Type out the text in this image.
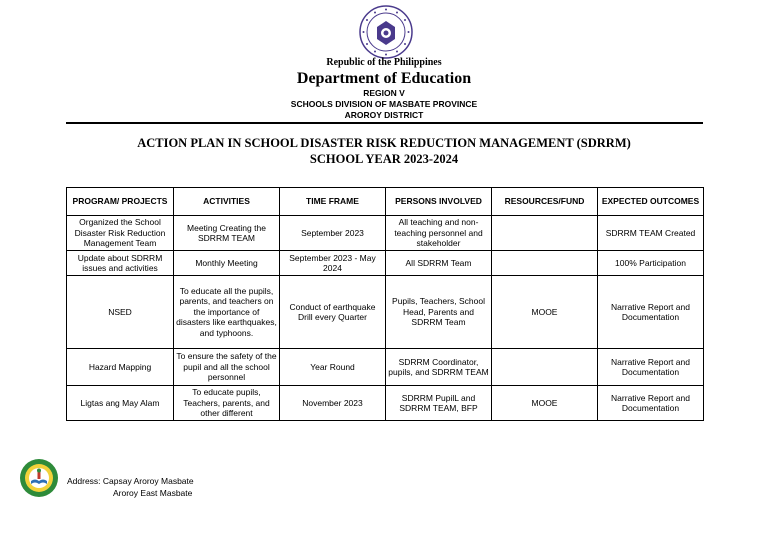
Republic of the Philippines
Department of Education
REGION V
SCHOOLS DIVISION OF MASBATE PROVINCE
AROROY DISTRICT
ACTION PLAN IN SCHOOL DISASTER RISK REDUCTION MANAGEMENT (SDRRM)
SCHOOL YEAR 2023-2024
PROGRAM/ PROJECTS	ACTIVITIES	TIME FRAME	PERSONS INVOLVED	RESOURCES/FUND	EXPECTED OUTCOMES
Organized the School Disaster Risk Reduction Management Team	Meeting Creating the SDRRM TEAM	September 2023	All teaching and non-teaching personnel and stakeholder		SDRRM TEAM Created
Update about SDRRM issues and activities	Monthly Meeting	September 2023 - May 2024	All SDRRM Team		100% Participation
NSED	To educate all the pupils, parents, and teachers on the importance of disasters like earthquakes, and typhoons.	Conduct of earthquake Drill every Quarter	Pupils, Teachers, School Head, Parents and SDRRM Team	MOOE	Narrative Report and Documentation
Hazard Mapping	To ensure the safety of the pupil and all the school personnel	Year Round	SDRRM Coordinator, pupils, and SDRRM TEAM		Narrative Report and Documentation
Ligtas ang May Alam	To educate pupils, Teachers, parents, and other different	November 2023	SDRRM PupilL and SDRRM TEAM, BFP	MOOE	Narrative Report and Documentation
Address: Capsay Aroroy Masbate
Aroroy East Masbate
